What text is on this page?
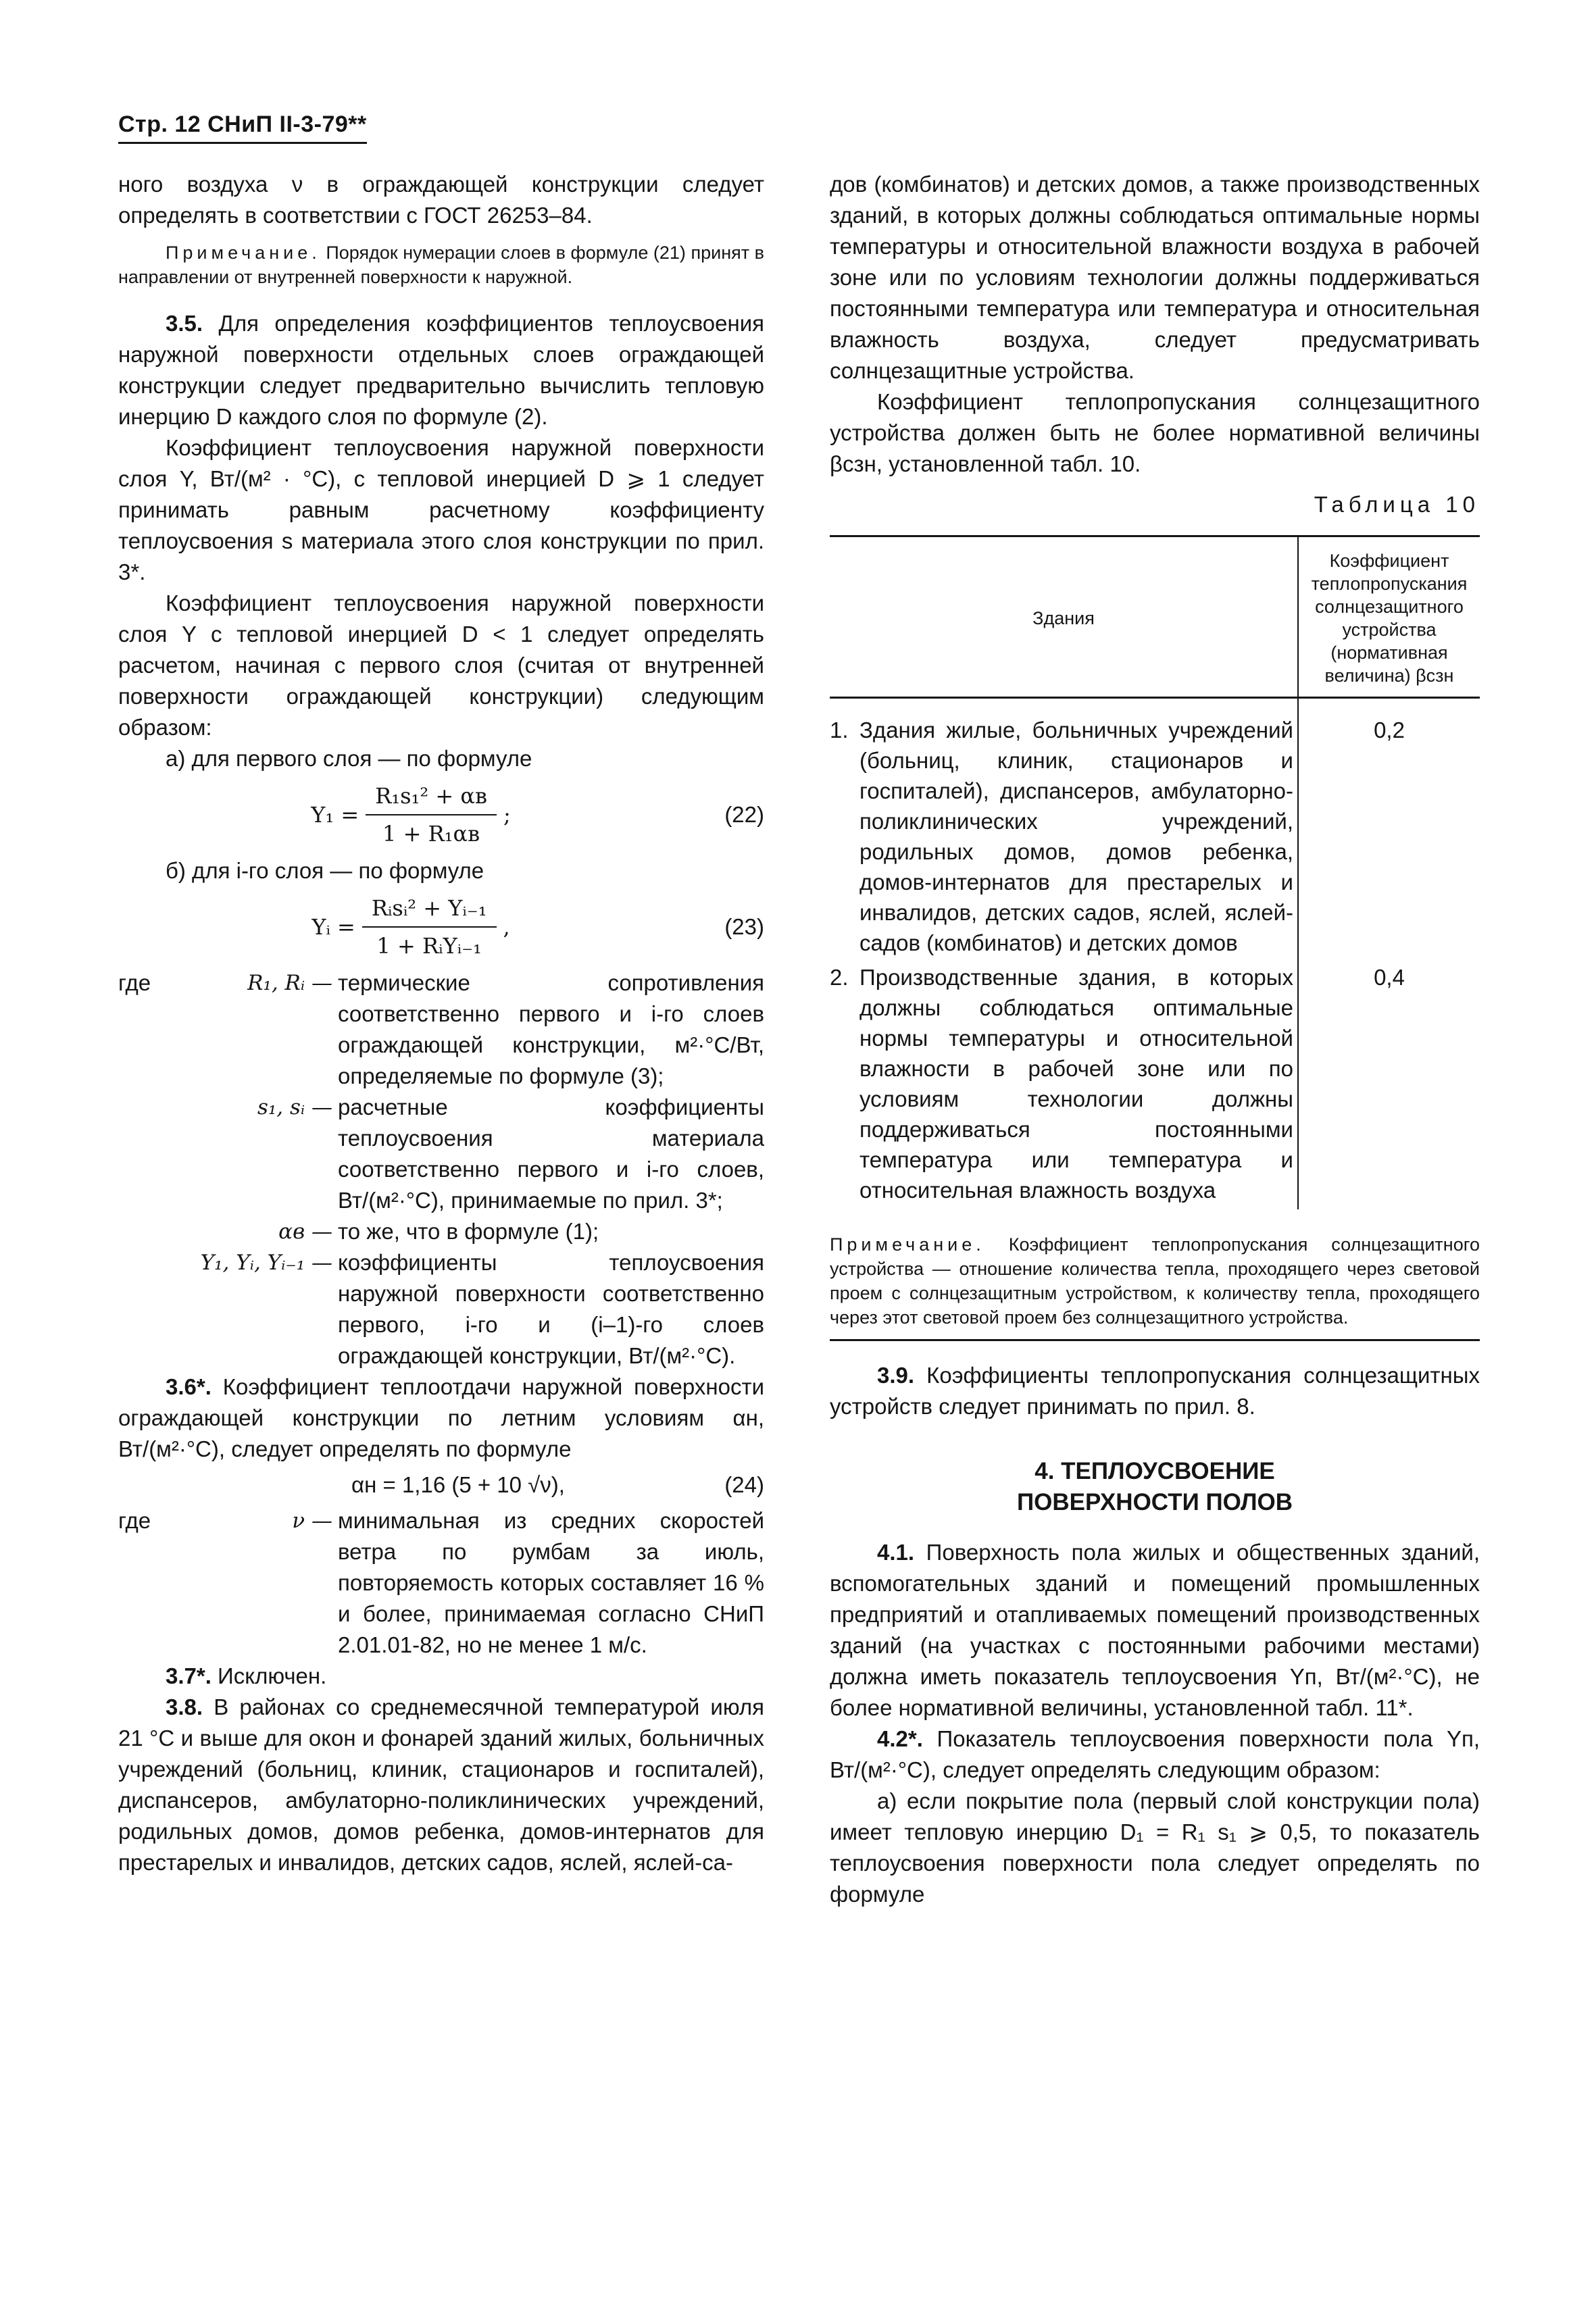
Стр. 12 СНиП II-3-79**

ного воздуха ν в ограждающей конструкции следует определять в соответствии с ГОСТ 26253–84.

Примечание. Порядок нумерации слоев в формуле (21) принят в направлении от внутренней поверхности к наружной.

3.5. Для определения коэффициентов теплоусвоения наружной поверхности отдельных слоев ограждающей конструкции следует предварительно вычислить тепловую инерцию D каждого слоя по формуле (2).

Коэффициент теплоусвоения наружной поверхности слоя Y, Вт/(м² · °С), с тепловой инерцией D ⩾ 1 следует принимать равным расчетному коэффициенту теплоусвоения s материала этого слоя конструкции по прил. 3*.

Коэффициент теплоусвоения наружной поверхности слоя Y с тепловой инерцией D < 1 следует определять расчетом, начиная с первого слоя (считая от внутренней поверхности ограждающей конструкции) следующим образом:

а) для первого слоя — по формуле

$Y_1 = \frac{\text{R₁s₁² + αв}}{\text{1 + R₁αв}}$ ;	(22)

б) для i-го слоя — по формуле

Yᵢ = $\frac{\text{Rᵢsᵢ² + Yᵢ₋₁}}{\text{1 + RᵢYᵢ₋₁}}$ ,	(23)
где	R₁, Rᵢ — термические сопротивления соответственно первого и i-го слоев ограждающей конструкции, м²·°С/Вт, определяемые по формуле (3);
s₁, sᵢ — расчетные коэффициенты теплоусвоения материала соответственно первого и i-го слоев, Вт/(м²·°С), принимаемые по прил. 3*;
αв — то же, что в формуле (1);
Y₁, Yᵢ, Yᵢ₋₁ — коэффициенты теплоусвоения наружной поверхности соответственно первого, i-го и (i–1)-го слоев ограждающей конструкции, Вт/(м²·°С).

3.6*. Коэффициент теплоотдачи наружной поверхности ограждающей конструкции по летним условиям αн, Вт/(м²·°С), следует определять по формуле

αн = 1,16 (5 + 10 √ν),	(24)
где	ν — минимальная из средних скоростей ветра по румбам за июль, повторяемость которых составляет 16 % и более, принимаемая согласно СНиП 2.01.01-82, но не менее 1 м/с.

3.7*. Исключен.

3.8. В районах со среднемесячной температурой июля 21 °С и выше для окон и фонарей зданий жилых, больничных учреждений (больниц, клиник, стационаров и госпиталей), диспансеров, амбулаторно-поликлинических учреждений, родильных домов, домов ребенка, домов-интернатов для престарелых и инвалидов, детских садов, яслей, яслей-са-

дов (комбинатов) и детских домов, а также производственных зданий, в которых должны соблюдаться оптимальные нормы температуры и относительной влажности воздуха в рабочей зоне или по условиям технологии должны поддерживаться постоянными температура или температура и относительная влажность воздуха, следует предусматривать солнцезащитные устройства.

Коэффициент теплопропускания солнцезащитного устройства должен быть не более нормативной величины βсзн, установленной табл. 10.

Таблица 10
Здания	Коэффициент теплопропускания солнцезащитного устройства (нормативная величина) βсзн

1. Здания жилые, больничных учреждений (больниц, клиник, стационаров и госпиталей), диспансеров, амбулаторно-поликлинических учреждений, родильных домов, домов ребенка, домов-интернатов для престарелых и инвалидов, детских садов, яслей, яслей-садов (комбинатов) и детских домов	0,2

2. Производственные здания, в которых должны соблюдаться оптимальные нормы температуры и относительной влажности в рабочей зоне или по условиям технологии должны поддерживаться постоянными температура или температура и относительная влажность воздуха	0,4
Примечание. Коэффициент теплопропускания солнцезащитного устройства — отношение количества тепла, проходящего через световой проем с солнцезащитным устройством, к количеству тепла, проходящего через этот световой проем без солнцезащитного устройства.

3.9. Коэффициенты теплопропускания солнцезащитных устройств следует принимать по прил. 8.

4. ТЕПЛОУСВОЕНИЕ
ПОВЕРХНОСТИ ПОЛОВ

4.1. Поверхность пола жилых и общественных зданий, вспомогательных зданий и помещений промышленных предприятий и отапливаемых помещений производственных зданий (на участках с постоянными рабочими местами) должна иметь показатель теплоусвоения Yп, Вт/(м²·°С), не более нормативной величины, установленной табл. 11*.

4.2*. Показатель теплоусвоения поверхности пола Yп, Вт/(м²·°С), следует определять следующим образом:

а) если покрытие пола (первый слой конструкции пола) имеет тепловую инерцию D₁ = R₁ s₁ ⩾ 0,5, то показатель теплоусвоения поверхности пола следует определять по формуле
